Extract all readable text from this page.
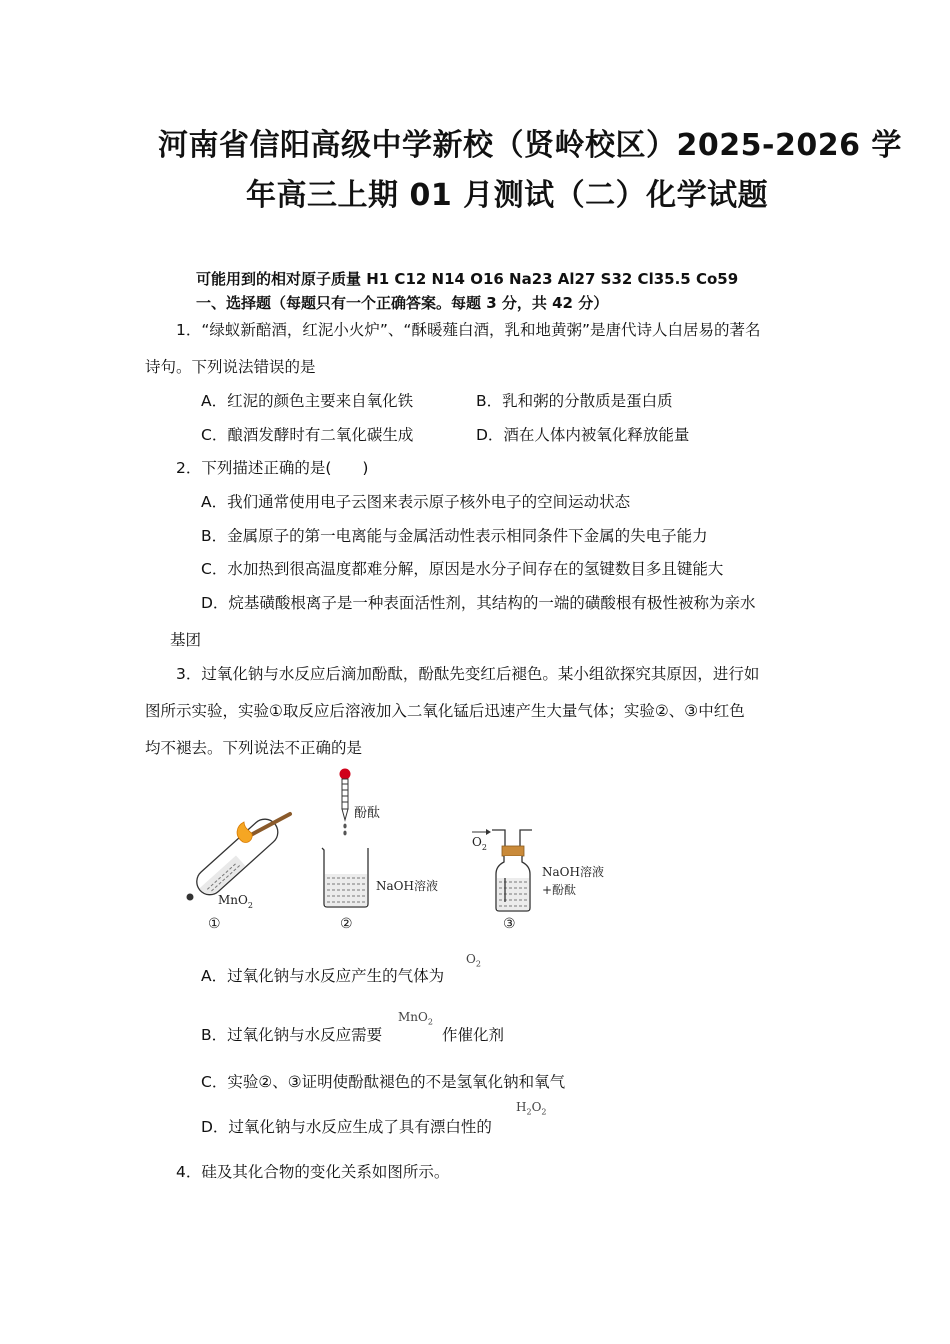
河南省信阳高级中学新校（贤岭校区）2025-2026 学
年高三上期 01 月测试（二）化学试题
可能用到的相对原子质量 H1 C12 N14 O16 Na23 Al27 S32 Cl35.5 Co59
一、选择题（每题只有一个正确答案。每题 3 分，共 42 分）
1．“绿蚁新醅酒，红泥小火炉”、“酥暖薤白酒，乳和地黄粥”是唐代诗人白居易的著名
诗句。下列说法错误的是
A．红泥的颜色主要来自氧化铁	B．乳和粥的分散质是蛋白质
C．酿酒发酵时有二氧化碳生成	D．酒在人体内被氧化释放能量
2．下列描述正确的是(　　)
A．我们通常使用电子云图来表示原子核外电子的空间运动状态
B．金属原子的第一电离能与金属活动性表示相同条件下金属的失电子能力
C．水加热到很高温度都难分解，原因是水分子间存在的氢键数目多且键能大
D．烷基磺酸根离子是一种表面活性剂，其结构的一端的磺酸根有极性被称为亲水
基团
3．过氧化钠与水反应后滴加酚酞，酚酞先变红后褪色。某小组欲探究其原因，进行如
图所示实验，实验①取反应后溶液加入二氧化锰后迅速产生大量气体；实验②、③中红色
均不褪去。下列说法不正确的是
MnO$_2$
①
酚酞
NaOH溶液
②
$O_2$
NaOH溶液
+酚酞
③
A．过氧化钠与水反应产生的气体为
$O_2$
B．过氧化钠与水反应需要
MnO$_2$
作催化剂
C．实验②、③证明使酚酞褪色的不是氢氧化钠和氧气
D．过氧化钠与水反应生成了具有漂白性的
$H_2O_2$
4．硅及其化合物的变化关系如图所示。
